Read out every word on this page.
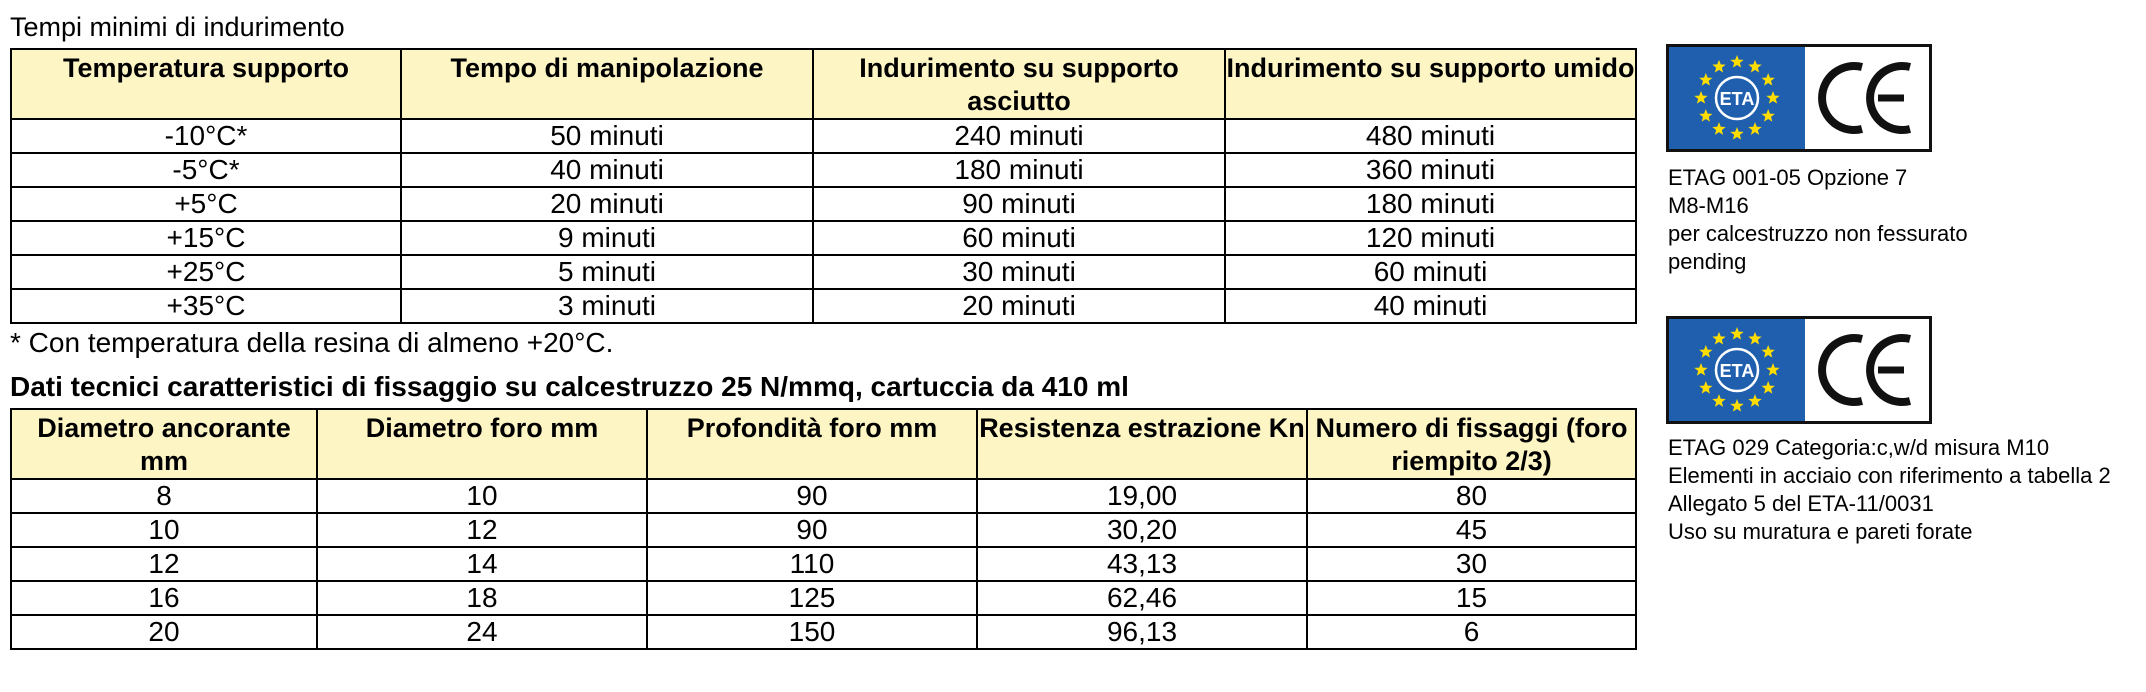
Tempi minimi di indurimento
Temperatura supporto	Tempo di manipolazione	Indurimento su supporto asciutto	Indurimento su supporto umido
-10°C*	50 minuti	240 minuti	480 minuti
-5°C*	40 minuti	180 minuti	360 minuti
+5°C	20 minuti	90 minuti	180 minuti
+15°C	9 minuti	60 minuti	120 minuti
+25°C	5 minuti	30 minuti	60 minuti
+35°C	3 minuti	20 minuti	40 minuti
* Con temperatura della resina di almeno +20°C.
Dati tecnici caratteristici di fissaggio su calcestruzzo 25 N/mmq, cartuccia da 410 ml
Diametro ancorante mm	Diametro foro mm	Profondità foro mm	Resistenza estrazione Kn	Numero di fissaggi (foro riempito 2/3)
8	10	90	19,00	80
10	12	90	30,20	45
12	14	110	43,13	30
16	18	125	62,46	15
20	24	150	96,13	6
ETA
ETAG 001-05 Opzione 7
M8-M16
per calcestruzzo non fessurato
pending
ETA
ETAG 029 Categoria:c,w/d misura M10
Elementi in acciaio con riferimento a tabella 2
Allegato 5 del ETA-11/0031
Uso su muratura e pareti forate
